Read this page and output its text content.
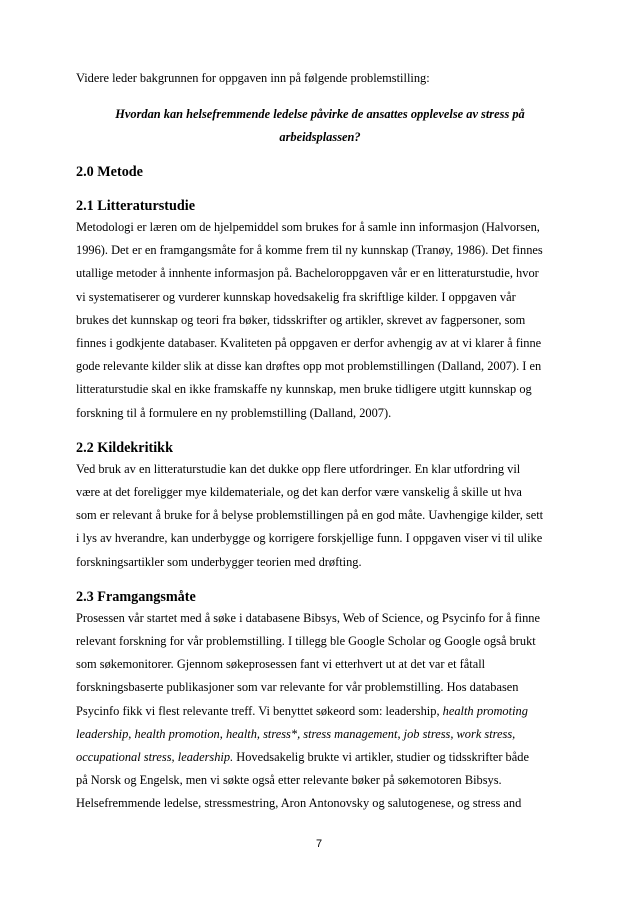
Videre leder bakgrunnen for oppgaven inn på følgende problemstilling:

Hvordan kan helsefremmende ledelse påvirke de ansattes opplevelse av stress på
arbeidsplassen?
2.0 Metode
2.1 Litteraturstudie

Metodologi er læren om de hjelpemiddel som brukes for å samle inn informasjon (Halvorsen,
1996). Det er en framgangsmåte for å komme frem til ny kunnskap (Tranøy, 1986). Det finnes
utallige metoder å innhente informasjon på. Bacheloroppgaven vår er en litteraturstudie, hvor
vi systematiserer og vurderer kunnskap hovedsakelig fra skriftlige kilder. I oppgaven vår
brukes det kunnskap og teori fra bøker, tidsskrifter og artikler, skrevet av fagpersoner, som
finnes i godkjente databaser. Kvaliteten på oppgaven er derfor avhengig av at vi klarer å finne
gode relevante kilder slik at disse kan drøftes opp mot problemstillingen (Dalland, 2007). I en
litteraturstudie skal en ikke framskaffe ny kunnskap, men bruke tidligere utgitt kunnskap og
forskning til å formulere en ny problemstilling (Dalland, 2007).

2.2 Kildekritikk

Ved bruk av en litteraturstudie kan det dukke opp flere utfordringer. En klar utfordring vil
være at det foreligger mye kildemateriale, og det kan derfor være vanskelig å skille ut hva
som er relevant å bruke for å belyse problemstillingen på en god måte. Uavhengige kilder, sett
i lys av hverandre, kan underbygge og korrigere forskjellige funn. I oppgaven viser vi til ulike
forskningsartikler som underbygger teorien med drøfting.

2.3 Framgangsmåte

Prosessen vår startet med å søke i databasene Bibsys, Web of Science, og Psycinfo for å finne
relevant forskning for vår problemstilling. I tillegg ble Google Scholar og Google også brukt
som søkemonitorer. Gjennom søkeprosessen fant vi etterhvert ut at det var et fåtall
forskningsbaserte publikasjoner som var relevante for vår problemstilling. Hos databasen
Psycinfo fikk vi flest relevante treff. Vi benyttet søkeord som: leadership, health promoting
leadership, health promotion, health, stress*, stress management, job stress, work stress,
occupational stress, leadership. Hovedsakelig brukte vi artikler, studier og tidsskrifter både
på Norsk og Engelsk, men vi søkte også etter relevante bøker på søkemotoren Bibsys.
Helsefremmende ledelse, stressmestring, Aron Antonovsky og salutogenese, og stress and

7
